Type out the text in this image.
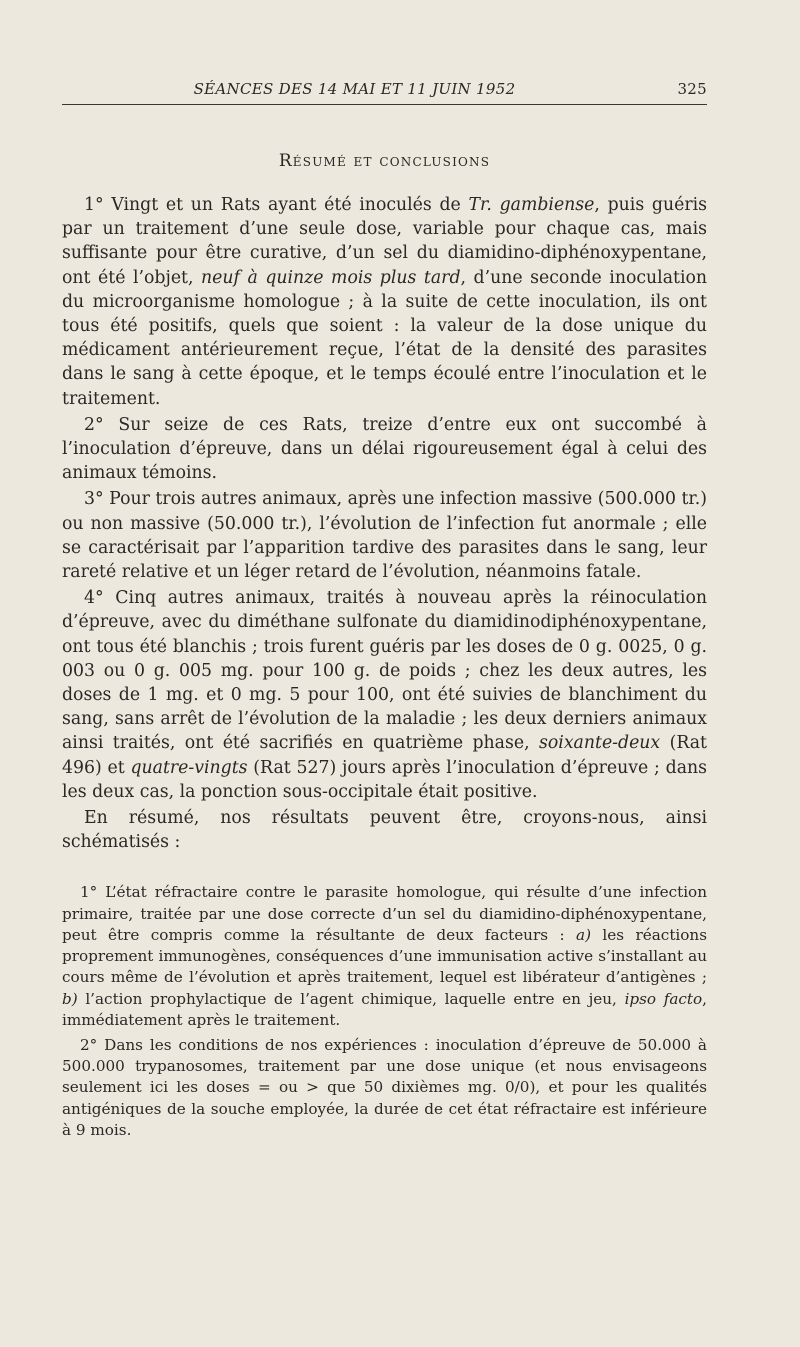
SÉANCES DES 14 MAI ET 11 JUIN 1952	325
Résumé et conclusions

1° Vingt et un Rats ayant été inoculés de Tr. gambiense, puis guéris par un traitement d’une seule dose, variable pour chaque cas, mais suffisante pour être curative, d’un sel du diamidino-diphénoxypentane, ont été l’objet, neuf à quinze mois plus tard, d’une seconde inoculation du microorganisme homologue ; à la suite de cette inoculation, ils ont tous été positifs, quels que soient : la valeur de la dose unique du médicament antérieurement reçue, l’état de la densité des parasites dans le sang à cette époque, et le temps écoulé entre l’inoculation et le traitement.

2° Sur seize de ces Rats, treize d’entre eux ont succombé à l’inoculation d’épreuve, dans un délai rigoureusement égal à celui des animaux témoins.

3° Pour trois autres animaux, après une infection massive (500.000 tr.) ou non massive (50.000 tr.), l’évolution de l’infection fut anormale ; elle se caractérisait par l’apparition tardive des parasites dans le sang, leur rareté relative et un léger retard de l’évolution, néanmoins fatale.

4° Cinq autres animaux, traités à nouveau après la réinoculation d’épreuve, avec du diméthane sulfonate du diamidinodiphénoxypentane, ont tous été blanchis ; trois furent guéris par les doses de 0 g. 0025, 0 g. 003 ou 0 g. 005 mg. pour 100 g. de poids ; chez les deux autres, les doses de 1 mg. et 0 mg. 5 pour 100, ont été suivies de blanchiment du sang, sans arrêt de l’évolution de la maladie ; les deux derniers animaux ainsi traités, ont été sacrifiés en quatrième phase, soixante-deux (Rat 496) et quatre-vingts (Rat 527) jours après l’inoculation d’épreuve ; dans les deux cas, la ponction sous-occipitale était positive.

En résumé, nos résultats peuvent être, croyons-nous, ainsi schématisés :

1° L’état réfractaire contre le parasite homologue, qui résulte d’une infection primaire, traitée par une dose correcte d’un sel du diamidino-diphénoxypentane, peut être compris comme la résultante de deux facteurs : a) les réactions proprement immunogènes, conséquences d’une immunisation active s’installant au cours même de l’évolution et après traitement, lequel est libérateur d’antigènes ; b) l’action prophylactique de l’agent chimique, laquelle entre en jeu, ipso facto, immédiatement après le traitement.

2° Dans les conditions de nos expériences : inoculation d’épreuve de 50.000 à 500.000 trypanosomes, traitement par une dose unique (et nous envisageons seulement ici les doses = ou > que 50 dixièmes mg. 0/0), et pour les qualités antigéniques de la souche employée, la durée de cet état réfractaire est inférieure à 9 mois.
